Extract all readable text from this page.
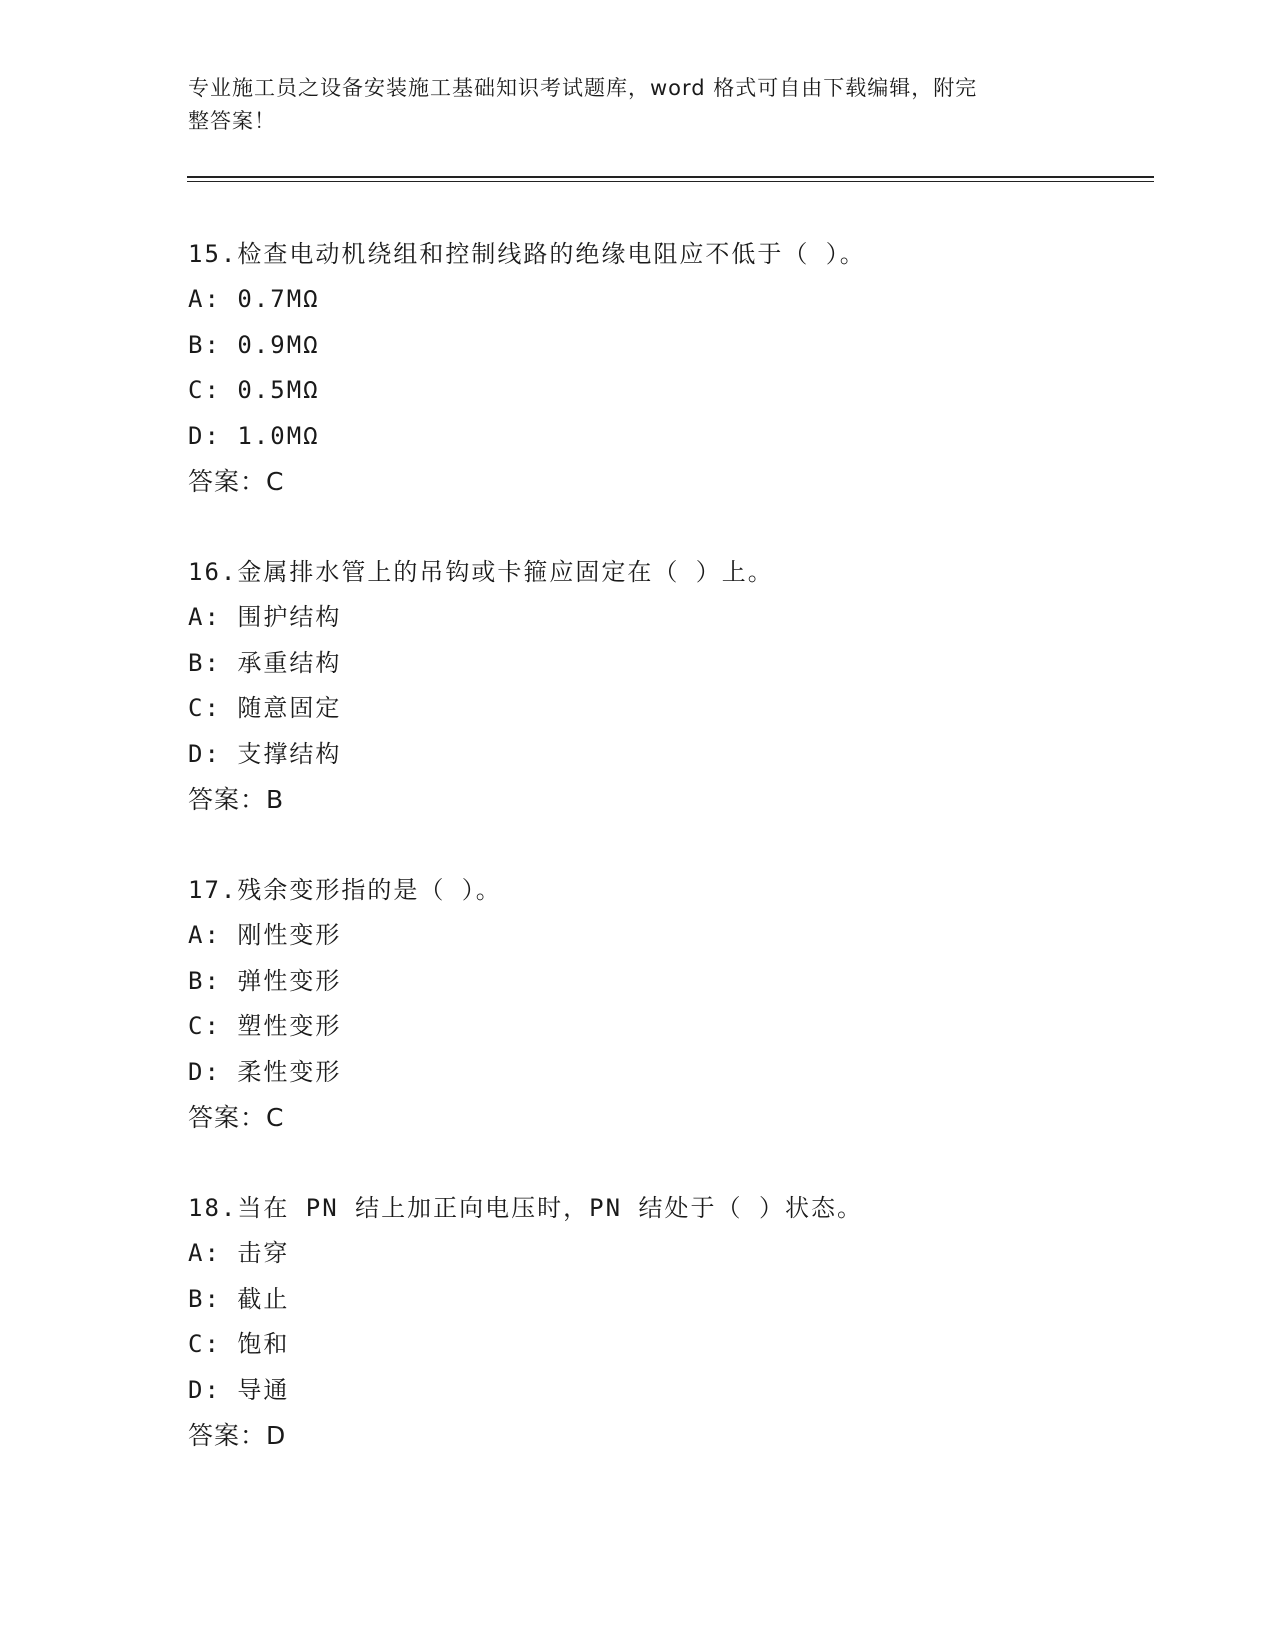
专业施工员之设备安装施工基础知识考试题库，word 格式可自由下载编辑，附完
整答案！
15.检查电动机绕组和控制线路的绝缘电阻应不低于（ ）。
A: 0.7MΩ
B: 0.9MΩ
C: 0.5MΩ
D: 1.0MΩ
答案：C
16.金属排水管上的吊钩或卡箍应固定在（ ）上。
A: 围护结构
B: 承重结构
C: 随意固定
D: 支撑结构
答案：B
17.残余变形指的是（ ）。
A: 刚性变形
B: 弹性变形
C: 塑性变形
D: 柔性变形
答案：C
18.当在 PN 结上加正向电压时，PN 结处于（ ）状态。
A: 击穿
B: 截止
C: 饱和
D: 导通
答案：D
